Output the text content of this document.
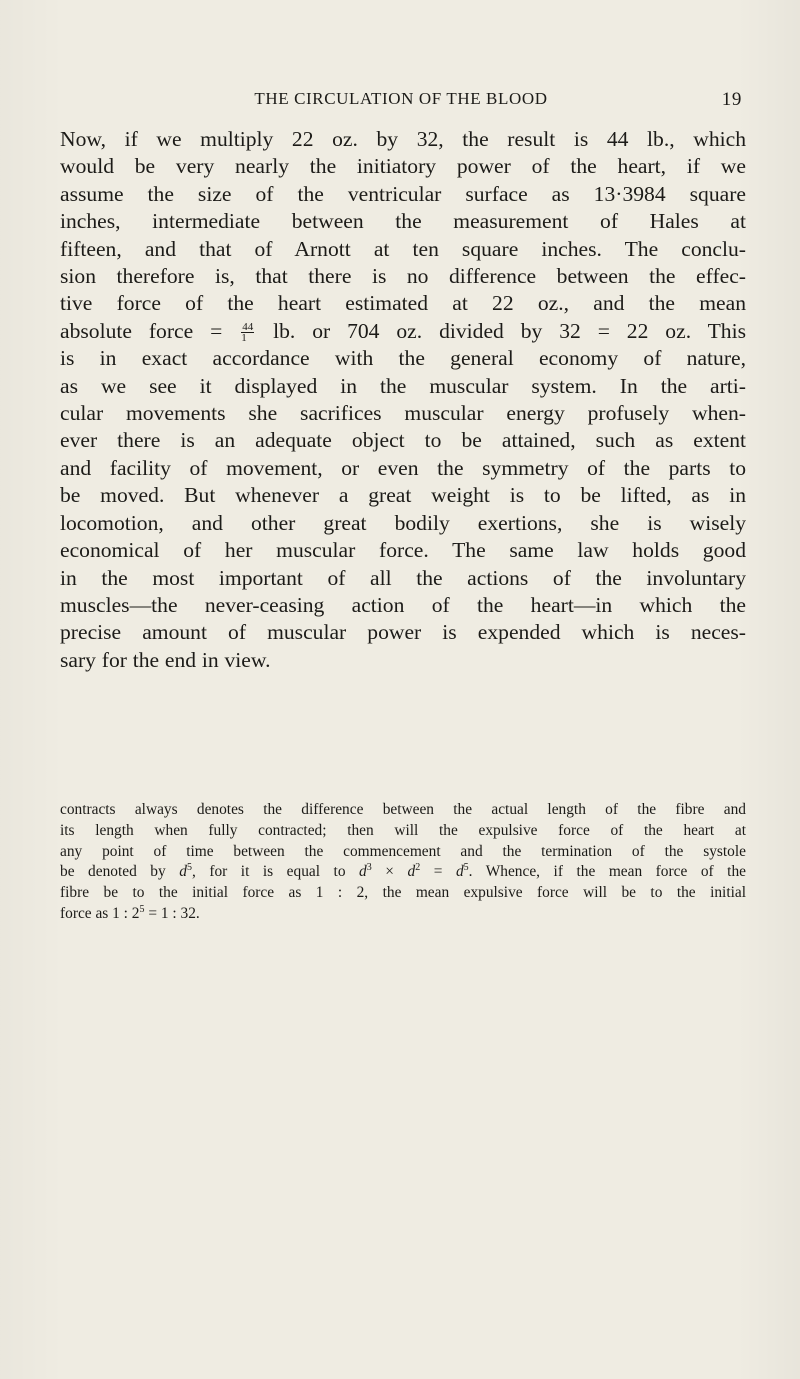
THE CIRCULATION OF THE BLOOD	19
Now, if we multiply 22 oz. by 32, the result is 44 lb., which
would be very nearly the initiatory power of the heart, if we
assume the size of the ventricular surface as 13·3984 square
inches, intermediate between the measurement of Hales at
fifteen, and that of Arnott at ten square inches. The conclu-
sion therefore is, that there is no difference between the effec-
tive force of the heart estimated at 22 oz., and the mean
absolute force = $\frac{44}{1}$ lb. or 704 oz. divided by 32 = 22 oz. This
is in exact accordance with the general economy of nature,
as we see it displayed in the muscular system. In the arti-
cular movements she sacrifices muscular energy profusely when-
ever there is an adequate object to be attained, such as extent
and facility of movement, or even the symmetry of the parts to
be moved. But whenever a great weight is to be lifted, as in
locomotion, and other great bodily exertions, she is wisely
economical of her muscular force. The same law holds good
in the most important of all the actions of the involuntary
muscles—the never-ceasing action of the heart—in which the
precise amount of muscular power is expended which is neces-
sary for the end in view.
contracts always denotes the difference between the actual length of the fibre and
its length when fully contracted; then will the expulsive force of the heart at
any point of time between the commencement and the termination of the systole
be denoted by $d^5$, for it is equal to $d^3 \times d^2 = d^5$. Whence, if the mean force of the
fibre be to the initial force as 1 : 2, the mean expulsive force will be to the initial
force as 1 : $2^5 = 1$ : 32.
